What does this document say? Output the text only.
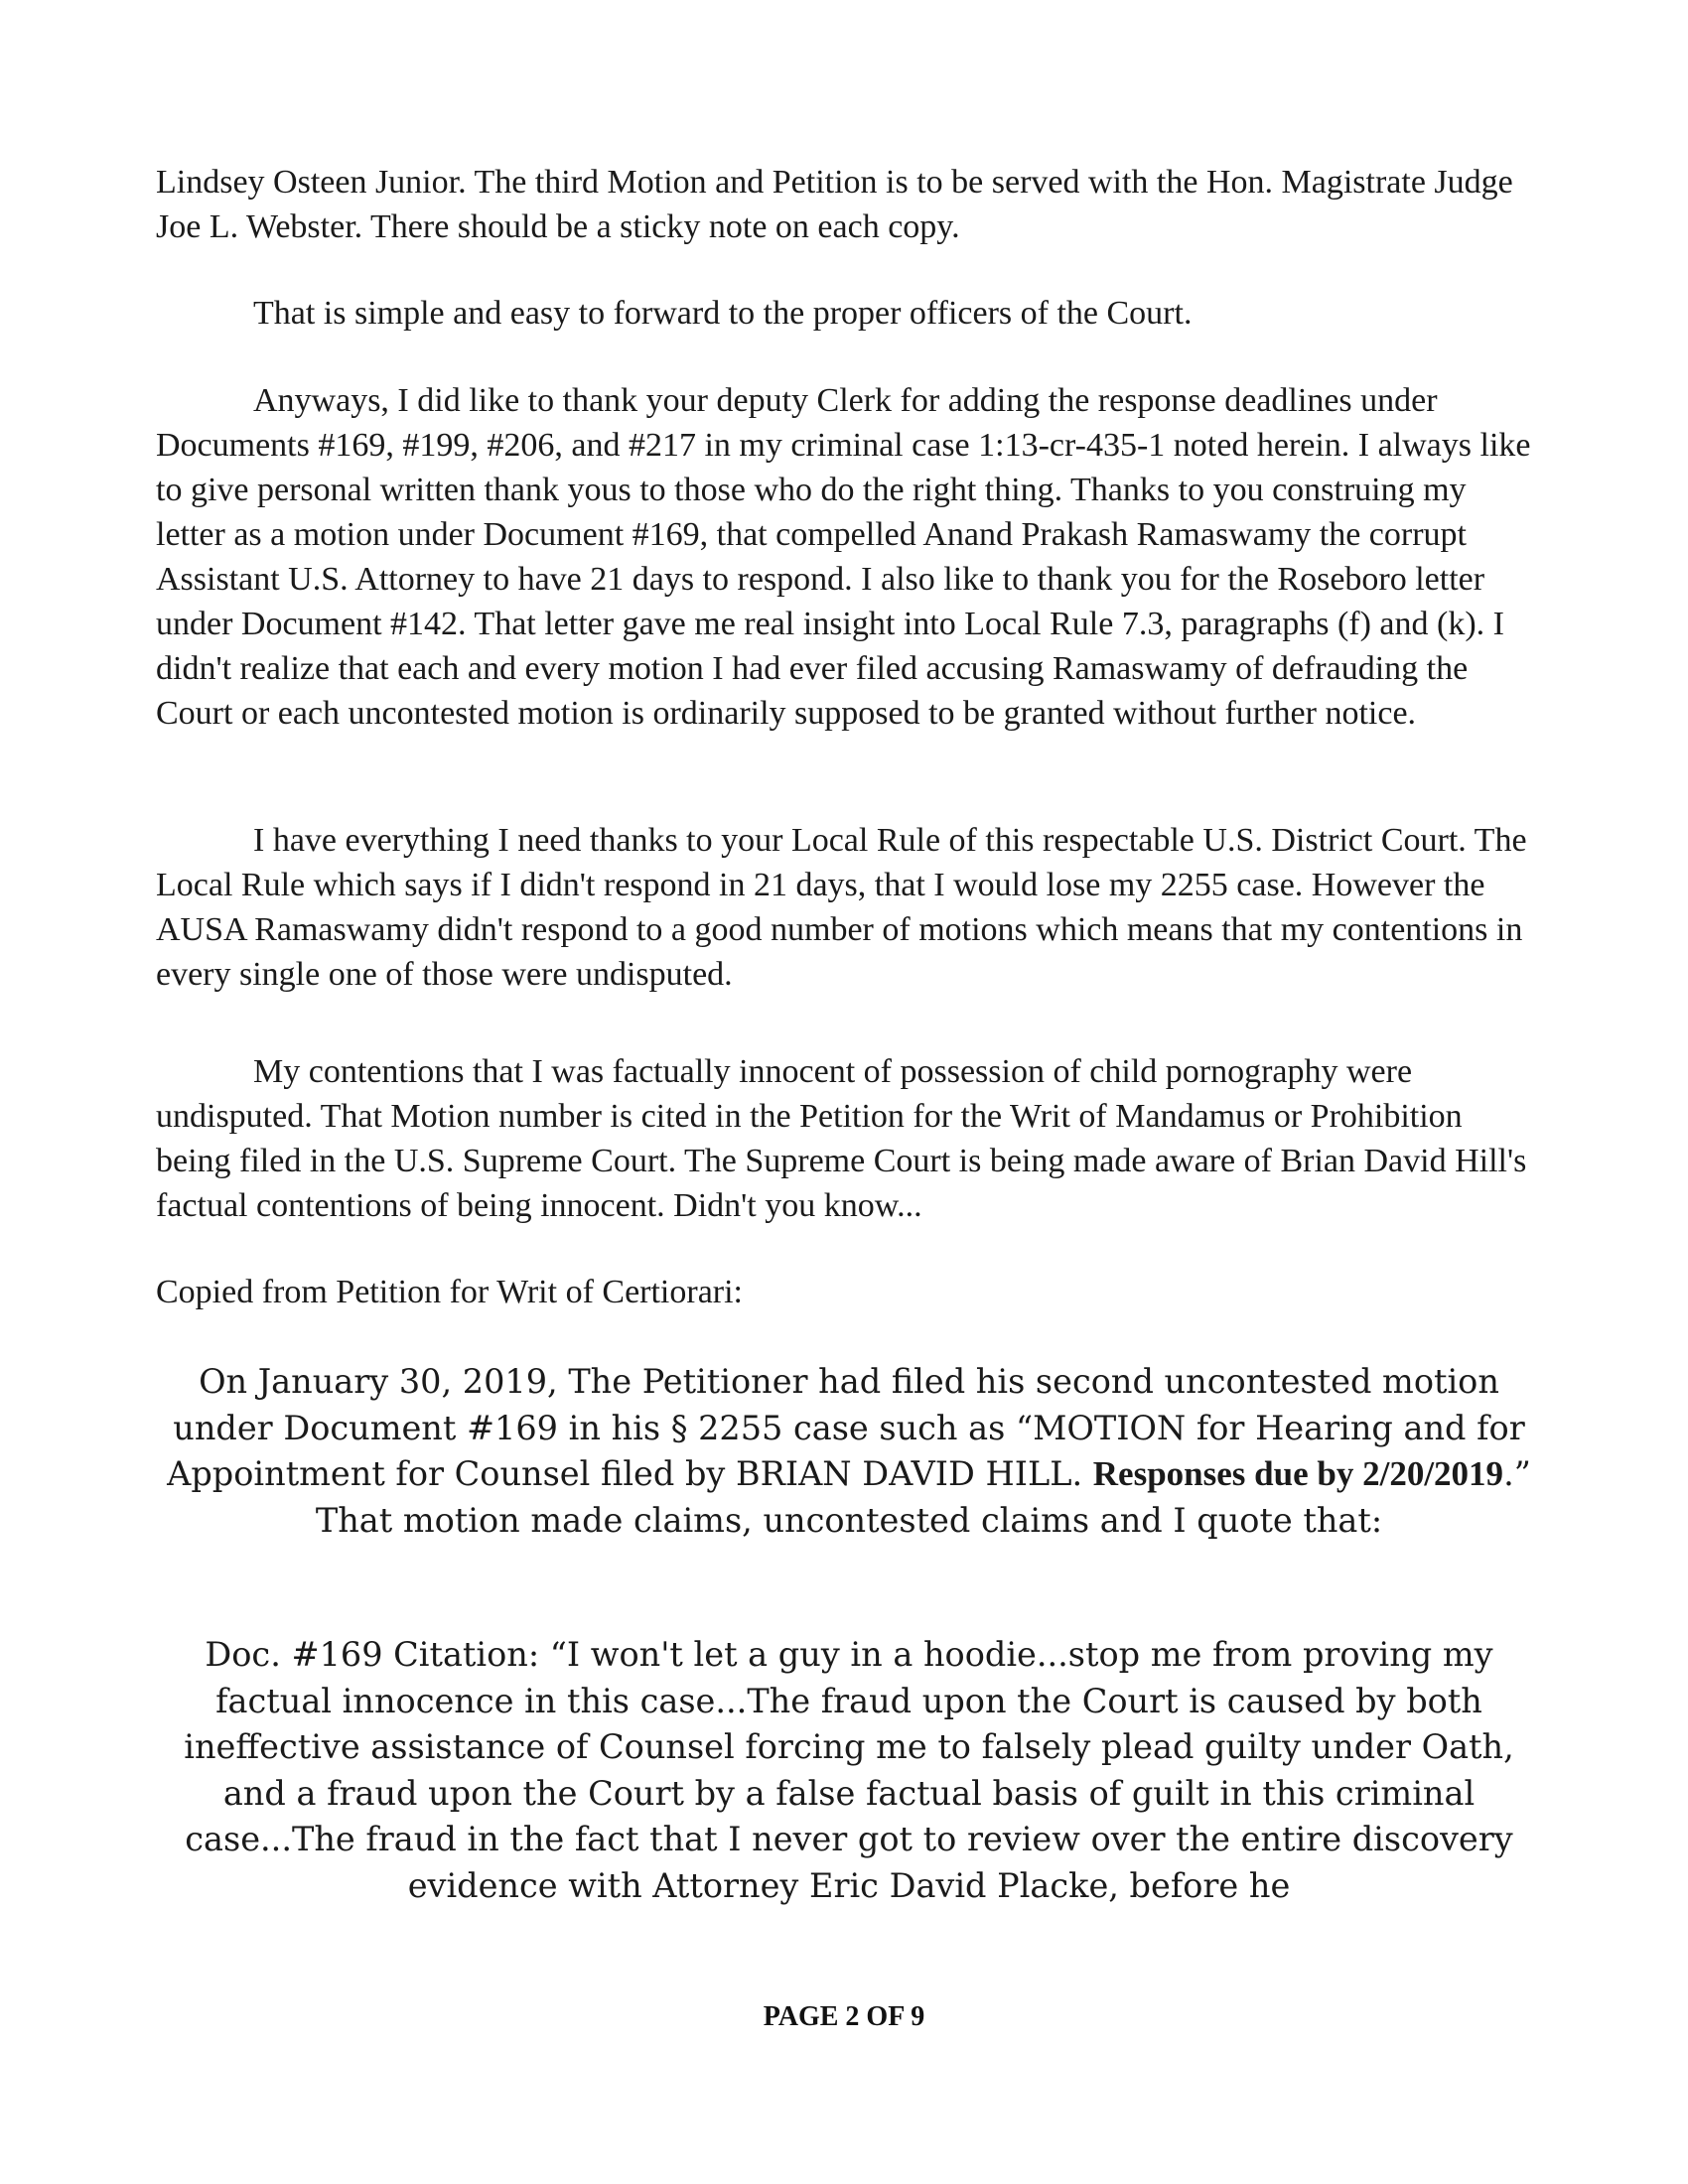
Lindsey Osteen Junior. The third Motion and Petition is to be served with the Hon. Magistrate Judge Joe L. Webster. There should be a sticky note on each copy.

That is simple and easy to forward to the proper officers of the Court.

Anyways, I did like to thank your deputy Clerk for adding the response deadlines under Documents #169, #199, #206, and #217 in my criminal case 1:13-cr-435-1 noted herein. I always like to give personal written thank yous to those who do the right thing. Thanks to you construing my letter as a motion under Document #169, that compelled Anand Prakash Ramaswamy the corrupt Assistant U.S. Attorney to have 21 days to respond. I also like to thank you for the Roseboro letter under Document #142. That letter gave me real insight into Local Rule 7.3, paragraphs (f) and (k). I didn't realize that each and every motion I had ever filed accusing Ramaswamy of defrauding the Court or each uncontested motion is ordinarily supposed to be granted without further notice.

I have everything I need thanks to your Local Rule of this respectable U.S. District Court. The Local Rule which says if I didn't respond in 21 days, that I would lose my 2255 case. However the AUSA Ramaswamy didn't respond to a good number of motions which means that my contentions in every single one of those were undisputed.

My contentions that I was factually innocent of possession of child pornography were undisputed. That Motion number is cited in the Petition for the Writ of Mandamus or Prohibition being filed in the U.S. Supreme Court. The Supreme Court is being made aware of Brian David Hill's factual contentions of being innocent. Didn't you know...

Copied from Petition for Writ of Certiorari:

On January 30, 2019, The Petitioner had filed his second uncontested motion under Document #169 in his § 2255 case such as “MOTION for Hearing and for Appointment for Counsel filed by BRIAN DAVID HILL. Responses due by 2/20/2019.” That motion made claims, uncontested claims and I quote that:

Doc. #169 Citation: “I won't let a guy in a hoodie...stop me from proving my factual innocence in this case...The fraud upon the Court is caused by both ineffective assistance of Counsel forcing me to falsely plead guilty under Oath, and a fraud upon the Court by a false factual basis of guilt in this criminal case...The fraud in the fact that I never got to review over the entire discovery evidence with Attorney Eric David Placke, before he

PAGE 2 OF 9
